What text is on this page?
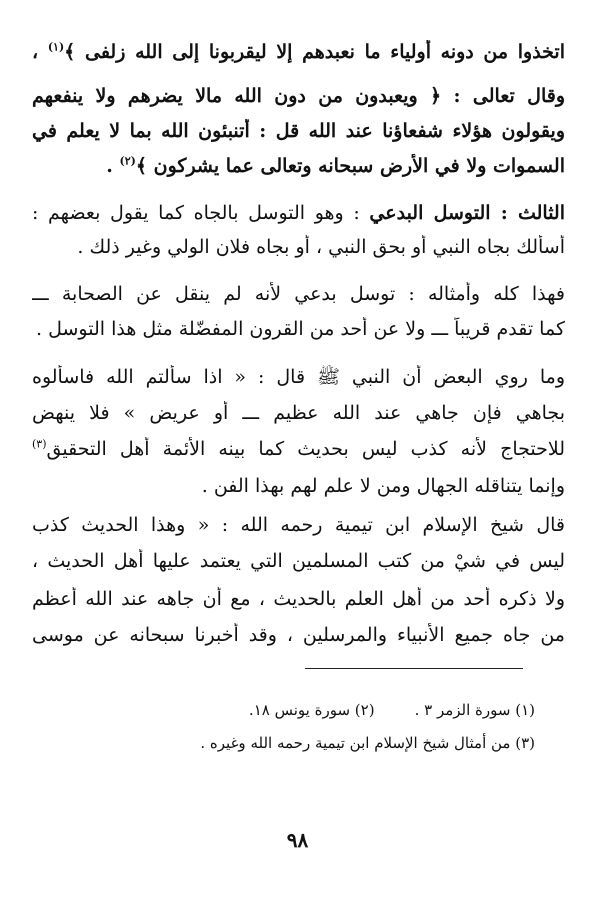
اتخذوا من دونه أولياء ما نعبدهم إلا ليقربونا إلى الله زلفى ﴾$^{(١)}$ ،
وقال تعالى : ﴿ ويعبدون من دون الله مالا يضرهم ولا ينفعهم
ويقولون هؤلاء شفعاؤنا عند الله قل : أتنبئون الله بما لا يعلم في
السموات ولا في الأرض سبحانه وتعالى عما يشركون ﴾$^{(٢)}$ .
الثالث : التوسل البدعي : وهو التوسل بالجاه كما يقول بعضهم :
أسألك بجاه النبي أو بحق النبي ، أو بجاه فلان الولي وغير ذلك .
فهذا كله وأمثاله : توسل بدعي لأنه لم ينقل عن الصحابة ـــ
كما تقدم قريباً ـــ ولا عن أحد من القرون المفضّلة مثل هذا التوسل .
وما روي البعض أن النبي ﷺ قال : « اذا سألتم الله فاسألوه
بجاهي فإن جاهي عند الله عظيم ـــ أو عريض » فلا ينهض
للاحتجاج لأنه كذب ليس بحديث كما بينه الأئمة أهل التحقيق$^{(٣)}$
وإنما يتناقله الجهال ومن لا علم لهم بهذا الفن .
قال شيخ الإسلام ابن تيمية رحمه الله : « وهذا الحديث كذب
ليس في شيْ من كتب المسلمين التي يعتمد عليها أهل الحديث ،
ولا ذكره أحد من أهل العلم بالحديث ، مع أن جاهه عند الله أعظم
من جاه جميع الأنبياء والمرسلين ، وقد أخبرنا سبحانه عن موسى
(١) سورة الزمر ٣ .(٢) سورة يونس ١٨.
(٣) من أمثال شيخ الإسلام ابن تيمية رحمه الله وغيره .
٩٨
